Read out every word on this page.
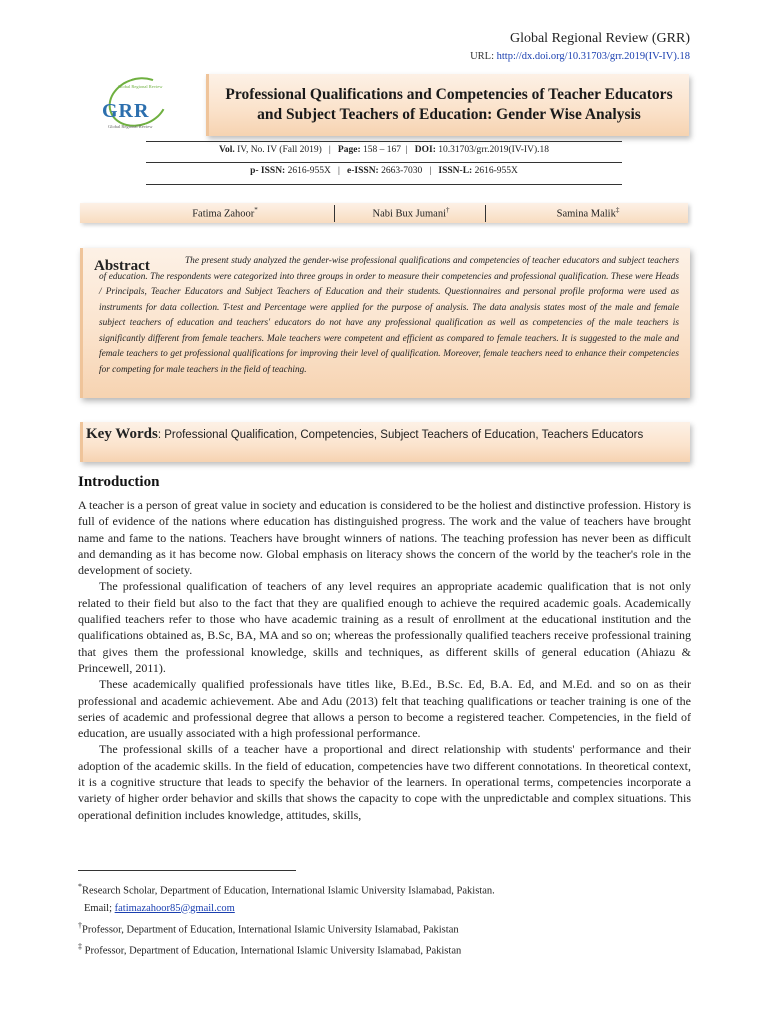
Global Regional Review (GRR)
URL: http://dx.doi.org/10.31703/grr.2019(IV-IV).18
Global Regional Review
GRR
Global Regional Review
Professional Qualifications and Competencies of Teacher Educators and Subject Teachers of Education: Gender Wise Analysis
Vol. IV, No. IV (Fall 2019) | Page: 158 – 167 | DOI: 10.31703/grr.2019(IV-IV).18
p- ISSN: 2616-955X | e-ISSN: 2663-7030 | ISSN-L: 2616-955X
Fatima Zahoor*	Nabi Bux Jumani†	Samina Malik‡
Abstract	The present study analyzed the gender-wise professional qualifications and competencies of teacher educators and subject teachers of education. The respondents were categorized into three groups in order to measure their competencies and professional qualification. These were Heads / Principals, Teacher Educators and Subject Teachers of Education and their students. Questionnaires and personal profile proforma were used as instruments for data collection. T-test and Percentage were applied for the purpose of analysis. The data analysis states most of the male and female subject teachers of education and teachers' educators do not have any professional qualification as well as competencies of the male teachers is significantly different from female teachers. Male teachers were competent and efficient as compared to female teachers. It is suggested to the male and female teachers to get professional qualifications for improving their level of qualification. Moreover, female teachers need to enhance their competencies for competing for male teachers in the field of teaching.
Key Words: Professional Qualification, Competencies, Subject Teachers of Education, Teachers Educators
Introduction

A teacher is a person of great value in society and education is considered to be the holiest and distinctive profession. History is full of evidence of the nations where education has distinguished progress. The work and the value of teachers have brought name and fame to the nations. Teachers have brought winners of nations. The teaching profession has never been as difficult and demanding as it has become now. Global emphasis on literacy shows the concern of the world by the teacher's role in the development of society.

The professional qualification of teachers of any level requires an appropriate academic qualification that is not only related to their field but also to the fact that they are qualified enough to achieve the required academic goals. Academically qualified teachers refer to those who have academic training as a result of enrollment at the educational institution and the qualifications obtained as, B.Sc, BA, MA and so on; whereas the professionally qualified teachers receive professional training that gives them the professional knowledge, skills and techniques, as different skills of general education (Ahiazu & Princewell, 2011).

These academically qualified professionals have titles like, B.Ed., B.Sc. Ed, B.A. Ed, and M.Ed. and so on as their professional and academic achievement. Abe and Adu (2013) felt that teaching qualifications or teacher training is one of the series of academic and professional degree that allows a person to become a registered teacher. Competencies, in the field of education, are usually associated with a high professional performance.

The professional skills of a teacher have a proportional and direct relationship with students' performance and their adoption of the academic skills. In the field of education, competencies have two different connotations. In theoretical context, it is a cognitive structure that leads to specify the behavior of the learners. In operational terms, competencies incorporate a variety of higher order behavior and skills that shows the capacity to cope with the unpredictable and complex situations. This operational definition includes knowledge, attitudes, skills,

*Research Scholar, Department of Education, International Islamic University Islamabad, Pakistan.
Email; fatimazahoor85@gmail.com
†Professor, Department of Education, International Islamic University Islamabad, Pakistan
‡ Professor, Department of Education, International Islamic University Islamabad, Pakistan
